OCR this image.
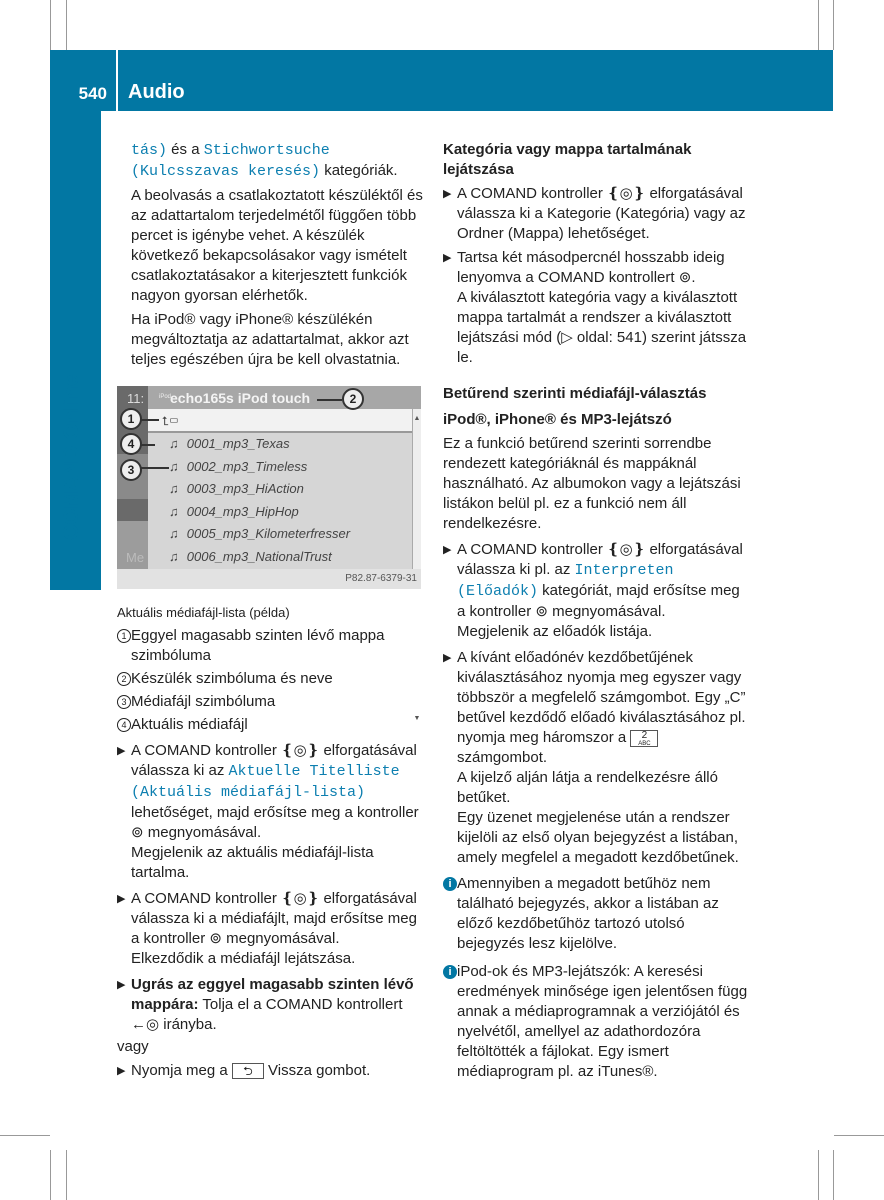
540	Audio
COMAND Online

tás) és a Stichwortsuche (Kulcsszavas keresés) kategóriák.

A beolvasás a csatlakoztatott készüléktől és az adattartalom terjedelmétől függően több percet is igénybe vehet. A készülék következő bekapcsolásakor vagy ismételt csatlakoztatásakor a kiterjesztett funkciók nagyon gyorsan elérhetők.

Ha iPod® vagy iPhone® készülékén megváltoztatja az adattartalmat, akkor azt teljes egészében újra be kell olvastatnia.

11:
Me
iPod
echo165s iPod touch
⮤▭	▲

▼
♫ 0001_mp3_Texas
♫ 0002_mp3_Timeless
♫ 0003_mp3_HiAction
♫ 0004_mp3_HipHop
♫ 0005_mp3_Kilometerfresser
♫ 0006_mp3_NationalTrust
P82.87-6379-31
2
1
4
3
Aktuális médiafájl-lista (példa)
1 Eggyel magasabb szinten lévő mappa szimbóluma
2 Készülék szimbóluma és neve
3 Médiafájl szimbóluma
4 Aktuális médiafájl
▶ A COMAND kontroller ❴◎❵ elforgatásával válassza ki az Aktuelle Titelliste (Aktuális médiafájl-lista) lehetőséget, majd erősítse meg a kontroller ⊚ megnyomásával.
Megjelenik az aktuális médiafájl-lista tartalma.
▶ A COMAND kontroller ❴◎❵ elforgatásával válassza ki a médiafájlt, majd erősítse meg a kontroller ⊚ megnyomásával.
Elkezdődik a médiafájl lejátszása.
▶ Ugrás az eggyel magasabb szinten lévő mappára: Tolja el a COMAND kontrollert ←◎ irányba.

vagy

▶ Nyomja meg a ⮌ Vissza gombot.
Kategória vagy mappa tartalmának lejátszása
▶ A COMAND kontroller ❴◎❵ elforgatásával válassza ki a Kategorie (Kategória) vagy az Ordner (Mappa) lehetőséget.
▶ Tartsa két másodpercnél hosszabb ideig lenyomva a COMAND kontrollert ⊚.
A kiválasztott kategória vagy a kiválasztott mappa tartalmát a rendszer a kiválasztott lejátszási mód (▷ oldal: 541) szerint játssza le.
Betűrend szerinti médiafájl-választás
iPod®, iPhone® és MP3-lejátszó

Ez a funkció betűrend szerinti sorrendbe rendezett kategóriáknál és mappáknál használható. Az albumokon vagy a lejátszási listákon belül pl. ez a funkció nem áll rendelkezésre.

▶ A COMAND kontroller ❴◎❵ elforgatásával válassza ki pl. az Interpreten (Előadók) kategóriát, majd erősítse meg a kontroller ⊚ megnyomásával.
Megjelenik az előadók listája.
▶ A kívánt előadónév kezdőbetűjének kiválasztásához nyomja meg egyszer vagy többször a megfelelő számgombot. Egy „C” betűvel kezdődő előadó kiválasztásához pl. nyomja meg háromszor a 2
ABC
számgombot.
A kijelző alján látja a rendelkezésre álló betűket.
Egy üzenet megjelenése után a rendszer kijelöli az első olyan bejegyzést a listában, amely megfelel a megadott kezdőbetűnek.
i Amennyiben a megadott betűhöz nem található bejegyzés, akkor a listában az előző kezdőbetűhöz tartozó utolsó bejegyzés lesz kijelölve.
i iPod-ok és MP3-lejátszók: A keresési eredmények minősége igen jelentősen függ annak a médiaprogramnak a verziójától és nyelvétől, amellyel az adathordozóra feltöltötték a fájlokat. Egy ismert médiaprogram pl. az iTunes®.
